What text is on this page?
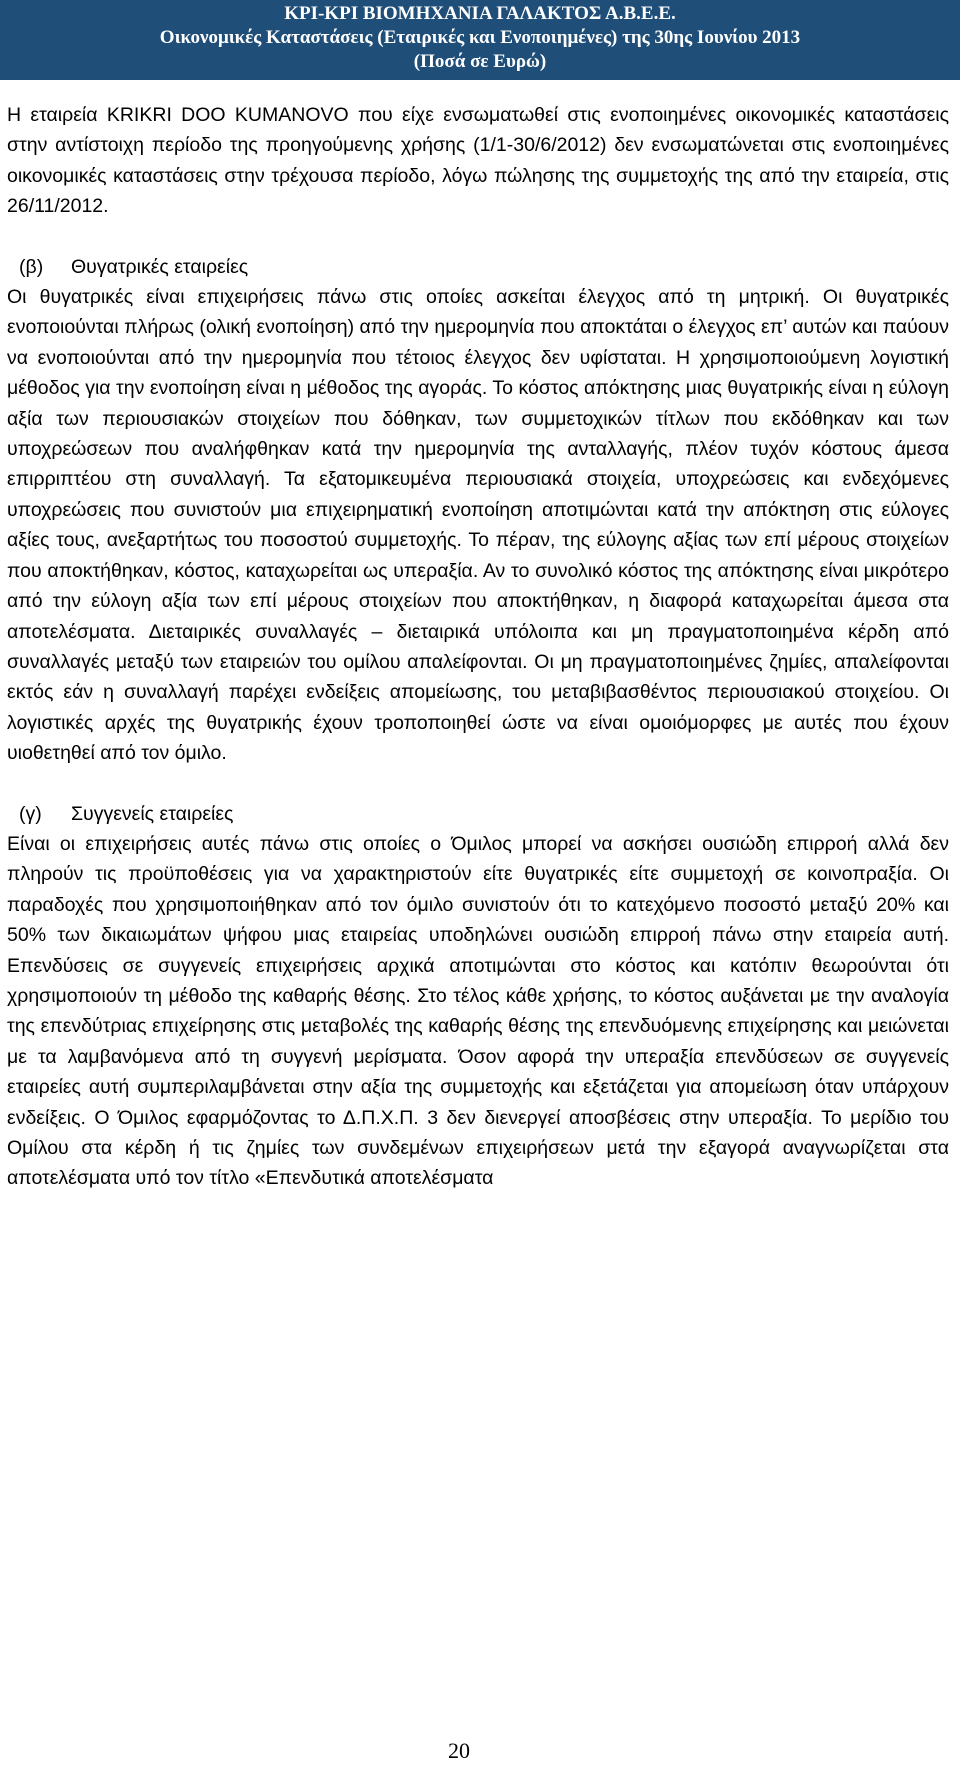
KPI-KPI ΒΙΟΜΗΧΑΝΙΑ ΓΑΛΑΚΤΟΣ Α.Β.Ε.Ε.
Οικονομικές Καταστάσεις (Εταιρικές και Ενοποιημένες) της 30ης Ιουνίου 2013
(Ποσά σε Ευρώ)

Η εταιρεία KRIKRI DOO KUMANOVO που είχε ενσωματωθεί στις ενοποιημένες οικονομικές καταστάσεις στην αντίστοιχη περίοδο της προηγούμενης χρήσης (1/1-30/6/2012) δεν ενσωματώνεται στις ενοποιημένες οικονομικές καταστάσεις στην τρέχουσα περίοδο, λόγω πώλησης της συμμετοχής της από την εταιρεία, στις 26/11/2012.

(β) Θυγατρικές εταιρείες

Οι θυγατρικές είναι επιχειρήσεις πάνω στις οποίες ασκείται έλεγχος από τη μητρική. Οι θυγατρικές ενοποιούνται πλήρως (ολική ενοποίηση) από την ημερομηνία που αποκτάται ο έλεγχος επ’ αυτών και παύουν να ενοποιούνται από την ημερομηνία που τέτοιος έλεγχος δεν υφίσταται. Η χρησιμοποιούμενη λογιστική μέθοδος για την ενοποίηση είναι η μέθοδος της αγοράς. Το κόστος απόκτησης μιας θυγατρικής είναι η εύλογη αξία των περιουσιακών στοιχείων που δόθηκαν, των συμμετοχικών τίτλων που εκδόθηκαν και των υποχρεώσεων που αναλήφθηκαν κατά την ημερομηνία της ανταλλαγής, πλέον τυχόν κόστους άμεσα επιρριπτέου στη συναλλαγή. Τα εξατομικευμένα περιουσιακά στοιχεία, υποχρεώσεις και ενδεχόμενες υποχρεώσεις που συνιστούν μια επιχειρηματική ενοποίηση αποτιμώνται κατά την απόκτηση στις εύλογες αξίες τους, ανεξαρτήτως του ποσοστού συμμετοχής. Το πέραν, της εύλογης αξίας των επί μέρους στοιχείων που αποκτήθηκαν, κόστος, καταχωρείται ως υπεραξία. Αν το συνολικό κόστος της απόκτησης είναι μικρότερο από την εύλογη αξία των επί μέρους στοιχείων που αποκτήθηκαν, η διαφορά καταχωρείται άμεσα στα αποτελέσματα. Διεταιρικές συναλλαγές – διεταιρικά υπόλοιπα και μη πραγματοποιημένα κέρδη από συναλλαγές μεταξύ των εταιρειών του ομίλου απαλείφονται. Οι μη πραγματοποιημένες ζημίες, απαλείφονται εκτός εάν η συναλλαγή παρέχει ενδείξεις απομείωσης, του μεταβιβασθέντος περιουσιακού στοιχείου. Οι λογιστικές αρχές της θυγατρικής έχουν τροποποιηθεί ώστε να είναι ομοιόμορφες με αυτές που έχουν υιοθετηθεί από τον όμιλο.

(γ) Συγγενείς εταιρείες

Είναι οι επιχειρήσεις αυτές πάνω στις οποίες ο Όμιλος μπορεί να ασκήσει ουσιώδη επιρροή αλλά δεν πληρούν τις προϋποθέσεις για να χαρακτηριστούν είτε θυγατρικές είτε συμμετοχή σε κοινοπραξία. Οι παραδοχές που χρησιμοποιήθηκαν από τον όμιλο συνιστούν ότι το κατεχόμενο ποσοστό μεταξύ 20% και 50% των δικαιωμάτων ψήφου μιας εταιρείας υποδηλώνει ουσιώδη επιρροή πάνω στην εταιρεία αυτή. Επενδύσεις σε συγγενείς επιχειρήσεις αρχικά αποτιμώνται στο κόστος και κατόπιν θεωρούνται ότι χρησιμοποιούν τη μέθοδο της καθαρής θέσης. Στο τέλος κάθε χρήσης, το κόστος αυξάνεται με την αναλογία της επενδύτριας επιχείρησης στις μεταβολές της καθαρής θέσης της επενδυόμενης επιχείρησης και μειώνεται με τα λαμβανόμενα από τη συγγενή μερίσματα. Όσον αφορά την υπεραξία επενδύσεων σε συγγενείς εταιρείες αυτή συμπεριλαμβάνεται στην αξία της συμμετοχής και εξετάζεται για απομείωση όταν υπάρχουν ενδείξεις. Ο Όμιλος εφαρμόζοντας το Δ.Π.Χ.Π. 3 δεν διενεργεί αποσβέσεις στην υπεραξία. Το μερίδιο του Ομίλου στα κέρδη ή τις ζημίες των συνδεμένων επιχειρήσεων μετά την εξαγορά αναγνωρίζεται στα αποτελέσματα υπό τον τίτλο «Επενδυτικά αποτελέσματα

20
